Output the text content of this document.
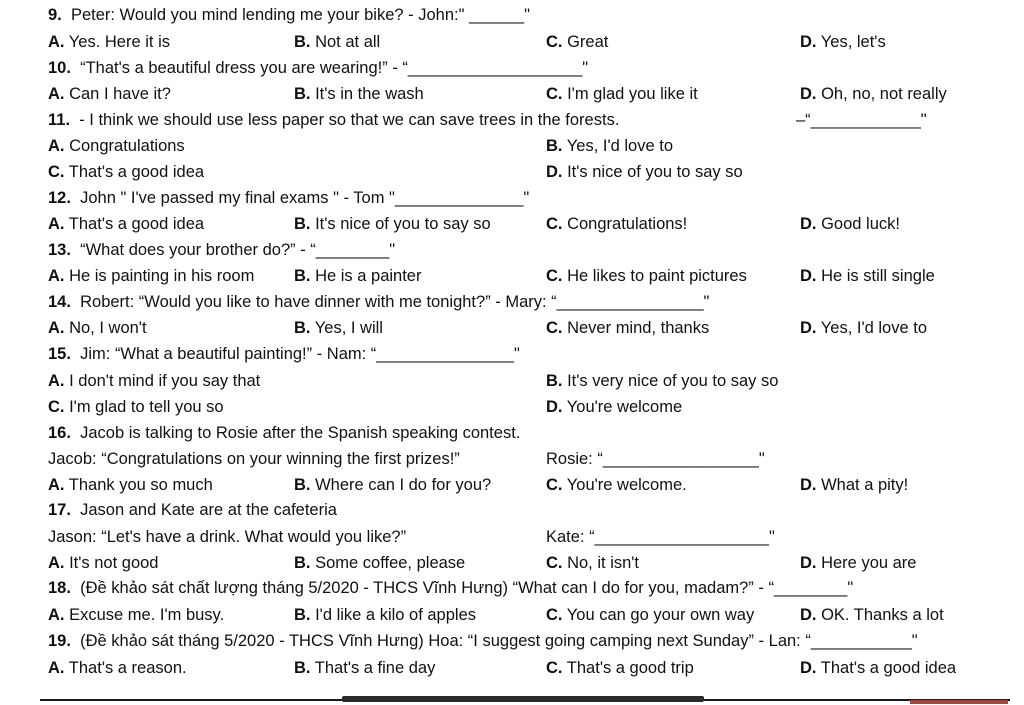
9. Peter: Would you mind lending me your bike? - John:" ______"
A. Yes. Here it is	B. Not at all	C. Great	D. Yes, let's
10. “That's a beautiful dress you are wearing!” - “___________________"
A. Can I have it?	B. It's in the wash	C. I'm glad you like it	D. Oh, no, not really
11. - I think we should use less paper so that we can save trees in the forests.	–“____________"
A. Congratulations	B. Yes, I'd love to
C. That's a good idea	D. It's nice of you to say so
12. John " I've passed my final exams " - Tom "______________"
A. That's a good idea	B. It's nice of you to say so	C. Congratulations!	D. Good luck!
13. “What does your brother do?” - “________"
A. He is painting in his room B. He is a painter	C. He likes to paint pictures	D. He is still single
14. Robert: “Would you like to have dinner with me tonight?” - Mary: “________________"
A. No, I won't	B. Yes, I will	C. Never mind, thanks	D. Yes, I'd love to
15. Jim: “What a beautiful painting!” - Nam: “_______________"
A. I don't mind if you say that	B. It's very nice of you to say so
C. I'm glad to tell you so	D. You're welcome
16. Jacob is talking to Rosie after the Spanish speaking contest.
Jacob: “Congratulations on your winning the first prizes!”	Rosie: “_________________"
A. Thank you so much	B. Where can I do for you?	C. You're welcome.	D. What a pity!
17. Jason and Kate are at the cafeteria
Jason: “Let's have a drink. What would you like?”	Kate: “___________________"
A. It's not good	B. Some coffee, please	C. No, it isn't	D. Here you are
18. (Đề khảo sát chất lượng tháng 5/2020 - THCS Vĩnh Hưng) “What can I do for you, madam?” - “________"
A. Excuse me. I'm busy.	B. I'd like a kilo of apples	C. You can go your own way	D. OK. Thanks a lot
19. (Đề khảo sát tháng 5/2020 - THCS Vĩnh Hưng) Hoa: “I suggest going camping next Sunday” - Lan: “___________"
A. That's a reason.	B. That's a fine day	C. That's a good trip	D. That's a good idea
